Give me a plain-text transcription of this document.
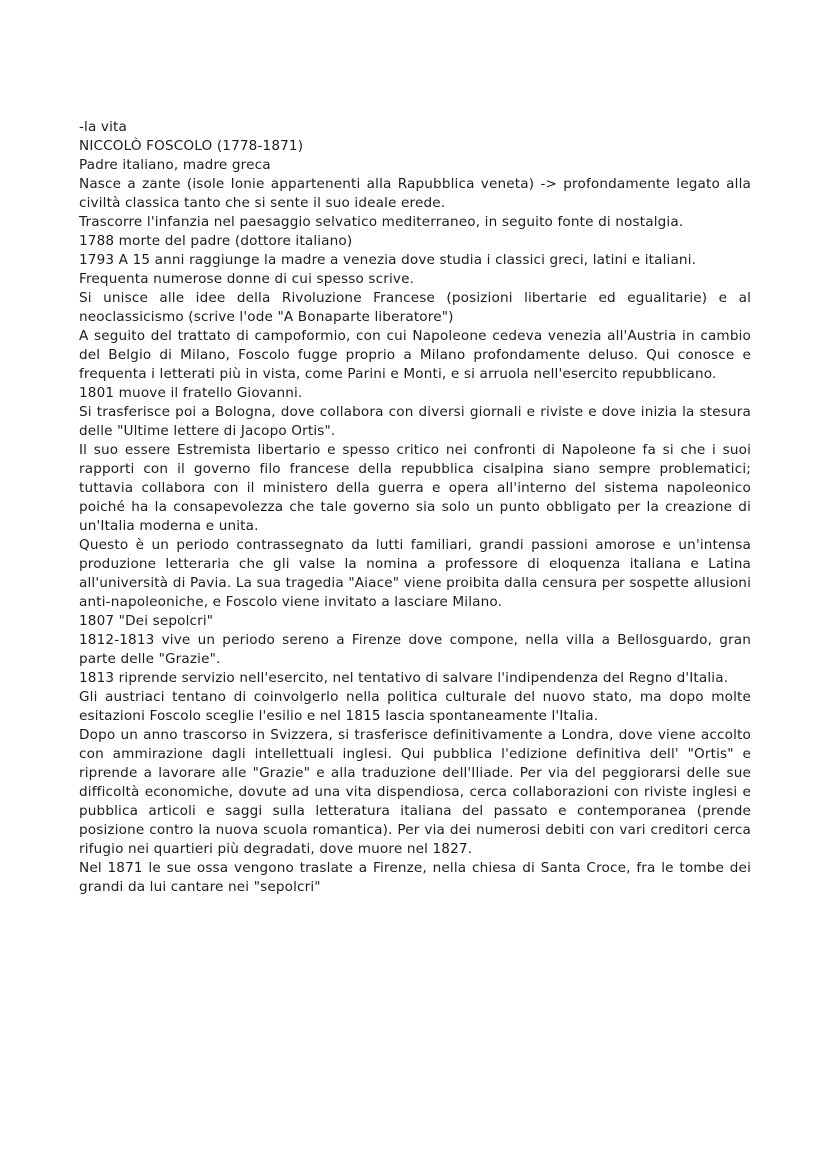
-la vita
NICCOLÒ FOSCOLO (1778-1871)
Padre italiano, madre greca
Nasce a zante (isole Ionie appartenenti alla Rapubblica veneta) -> profondamente legato alla civiltà classica tanto che si sente il suo ideale erede.
Trascorre l'infanzia nel paesaggio selvatico mediterraneo, in seguito fonte di nostalgia.
1788 morte del padre (dottore italiano)
1793 A 15 anni raggiunge la madre a venezia dove studia i classici greci, latini e italiani.
Frequenta numerose donne di cui spesso scrive.
Si unisce alle idee della Rivoluzione Francese (posizioni libertarie ed egualitarie) e al neoclassicismo (scrive l'ode "A Bonaparte liberatore")
A seguito del trattato di campoformio, con cui Napoleone cedeva venezia all'Austria in cambio del Belgio di Milano, Foscolo fugge proprio a Milano profondamente deluso. Qui conosce e frequenta i letterati più in vista, come Parini e Monti, e si arruola nell'esercito repubblicano.
1801 muove il fratello Giovanni.
Si trasferisce poi a Bologna, dove collabora con diversi giornali e riviste e dove inizia la stesura delle "Ultime lettere di Jacopo Ortis".
Il suo essere Estremista libertario e spesso critico nei confronti di Napoleone fa si che i suoi rapporti con il governo filo francese della repubblica cisalpina siano sempre problematici; tuttavia collabora con il ministero della guerra e opera all'interno del sistema napoleonico poiché ha la consapevolezza che tale governo sia solo un punto obbligato per la creazione di un'Italia moderna e unita.
Questo è un periodo contrassegnato da lutti familiari, grandi passioni amorose e un'intensa produzione letteraria che gli valse la nomina a professore di eloquenza italiana e Latina all'università di Pavia. La sua tragedia "Aiace" viene proibita dalla censura per sospette allusioni anti-napoleoniche, e Foscolo viene invitato a lasciare Milano.
1807 "Dei sepolcri"
1812-1813 vive un periodo sereno a Firenze dove compone, nella villa a Bellosguardo, gran parte delle "Grazie".
1813 riprende servizio nell'esercito, nel tentativo di salvare l'indipendenza del Regno d'Italia.
Gli austriaci tentano di coinvolgerlo nella politica culturale del nuovo stato, ma dopo molte esitazioni Foscolo sceglie l'esilio e nel 1815 lascia spontaneamente l'Italia.
Dopo un anno trascorso in Svizzera, si trasferisce definitivamente a Londra, dove viene accolto con ammirazione dagli intellettuali inglesi. Qui pubblica l'edizione definitiva dell' "Ortis" e riprende a lavorare alle "Grazie" e alla traduzione dell'Iliade. Per via del peggiorarsi delle sue difficoltà economiche, dovute ad una vita dispendiosa, cerca collaborazioni con riviste inglesi e pubblica articoli e saggi sulla letteratura italiana del passato e contemporanea (prende posizione contro la nuova scuola romantica). Per via dei numerosi debiti con vari creditori cerca rifugio nei quartieri più degradati, dove muore nel 1827.
Nel 1871 le sue ossa vengono traslate a Firenze, nella chiesa di Santa Croce, fra le tombe dei grandi da lui cantare nei "sepolcri"
